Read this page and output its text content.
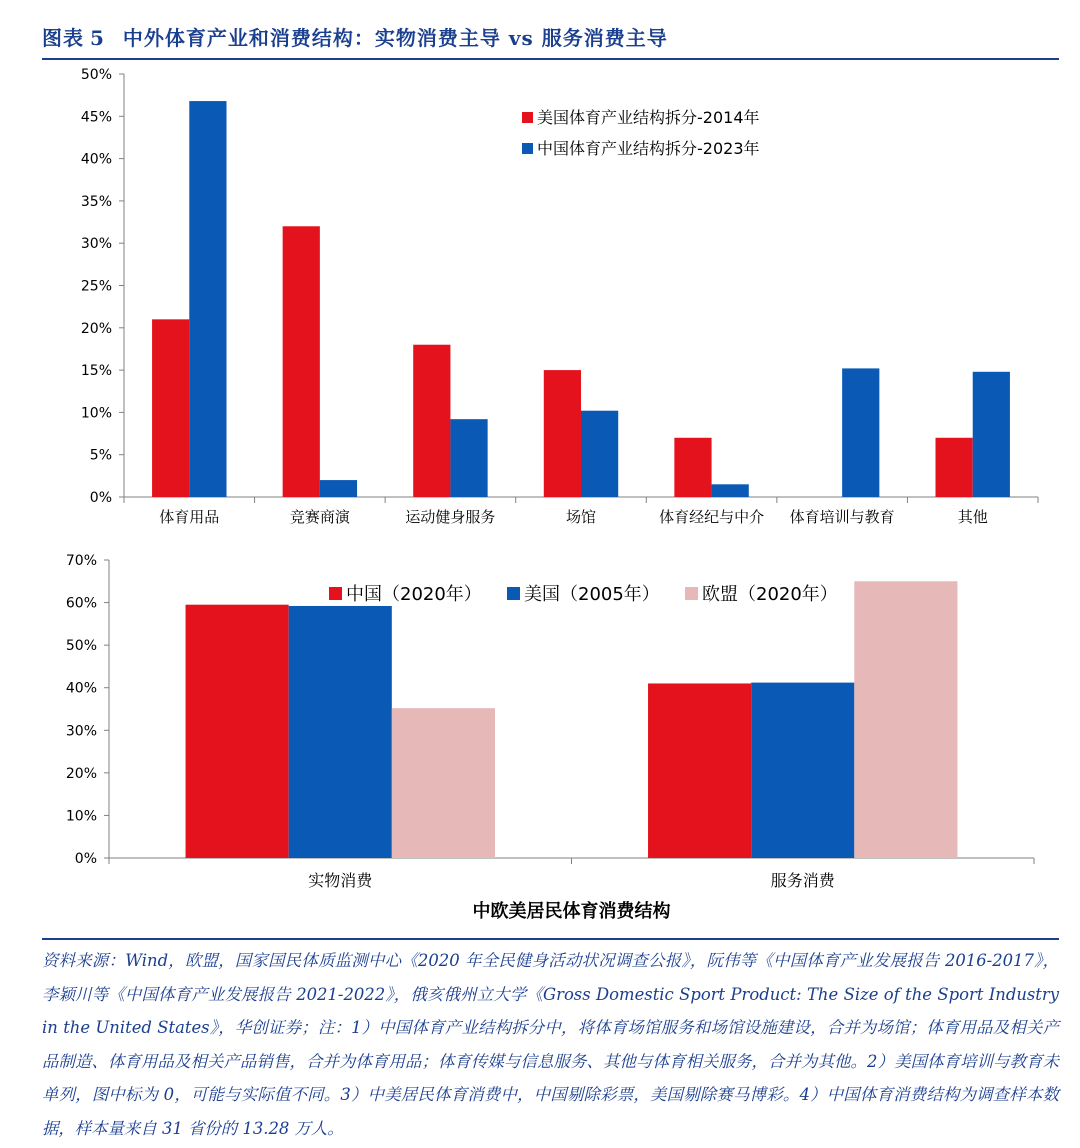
图表 5 中外体育产业和消费结构：实物消费主导 vs 服务消费主导
0%
5%
10%
15%
20%
25%
30%
35%
40%
45%
50%
体育用品	竞赛商演	运动健身服务	场馆	体育经纪与中介 体育培训与教育	其他
美国体育产业结构拆分-2014年
中国体育产业结构拆分-2023年
0%
10%
20%
30%
40%
50%
60%
70%
实物消费	服务消费
中国（2020年） 美国（2005年） 欧盟（2020年）
中欧美居民体育消费结构
资料来源：Wind，欧盟，国家国民体质监测中心《2020 年全民健身活动状况调查公报》，阮伟等《中国体育产业发展报告 2016-2017》，李颖川等《中国体育产业发展报告 2021-2022》，俄亥俄州立大学《Gross Domestic Sport Product: The Size of the Sport Industry in the United States》，华创证券；注：1）中国体育产业结构拆分中，将体育场馆服务和场馆设施建设，合并为场馆；体育用品及相关产品制造、体育用品及相关产品销售，合并为体育用品；体育传媒与信息服务、其他与体育相关服务，合并为其他。2）美国体育培训与教育未单列，图中标为 0，可能与实际值不同。3）中美居民体育消费中，中国剔除彩票，美国剔除赛马博彩。4）中国体育消费结构为调查样本数据，样本量来自 31 省份的 13.28 万人。
